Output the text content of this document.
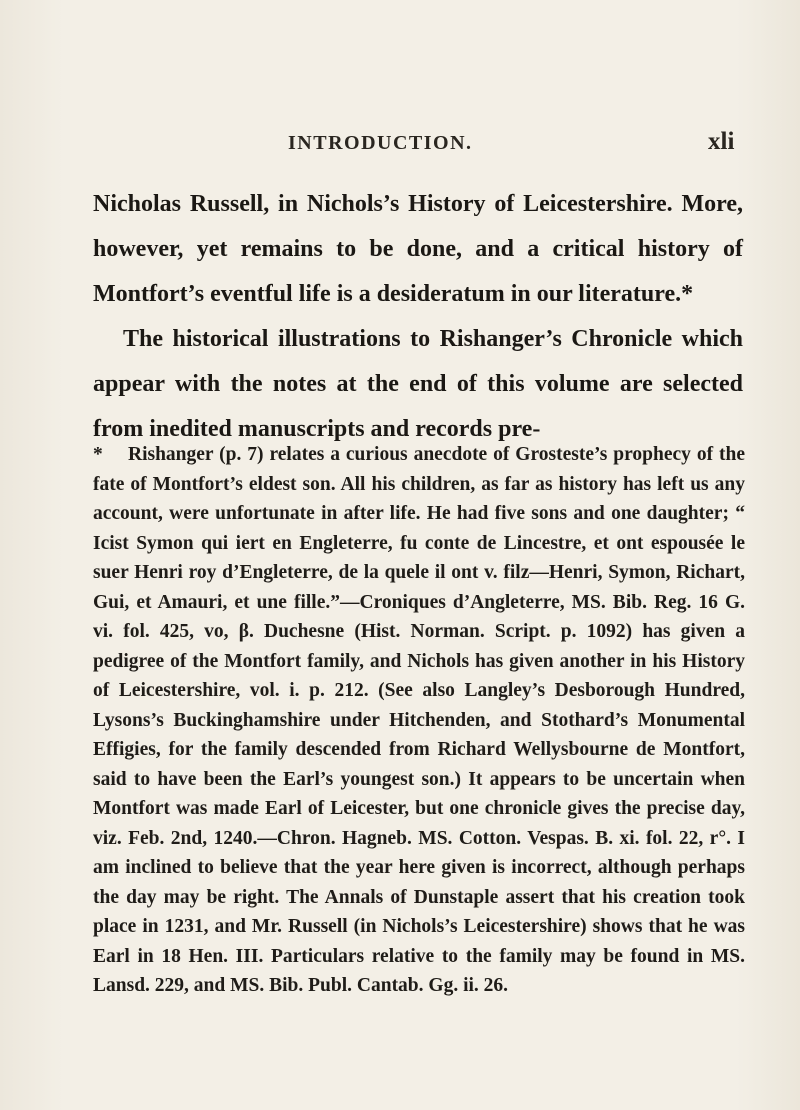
INTRODUCTION.	xli

Nicholas Russell, in Nichols’s History of Leicestershire. More, however, yet remains to be done, and a critical history of Montfort’s eventful life is a desideratum in our literature.*

The historical illustrations to Rishanger’s Chronicle which appear with the notes at the end of this volume are selected from inedited manuscripts and records pre-

* Rishanger (p. 7) relates a curious anecdote of Grosteste’s prophecy of the fate of Montfort’s eldest son. All his children, as far as history has left us any account, were unfortunate in after life. He had five sons and one daughter; “ Icist Symon qui iert en Engleterre, fu conte de Lincestre, et ont espousée le suer Henri roy d’Engleterre, de la quele il ont v. filz—Henri, Symon, Richart, Gui, et Amauri, et une fille.”—Croniques d’Angleterre, MS. Bib. Reg. 16 G. vi. fol. 425, vo, β. Duchesne (Hist. Norman. Script. p. 1092) has given a pedigree of the Montfort family, and Nichols has given another in his History of Leicestershire, vol. i. p. 212. (See also Langley’s Desborough Hundred, Lysons’s Buckinghamshire under Hitchenden, and Stothard’s Monumental Effigies, for the family descended from Richard Wellysbourne de Montfort, said to have been the Earl’s youngest son.) It appears to be uncertain when Montfort was made Earl of Leicester, but one chronicle gives the precise day, viz. Feb. 2nd, 1240.—Chron. Hagneb. MS. Cotton. Vespas. B. xi. fol. 22, r°. I am inclined to believe that the year here given is incorrect, although perhaps the day may be right. The Annals of Dunstaple assert that his creation took place in 1231, and Mr. Russell (in Nichols’s Leicestershire) shows that he was Earl in 18 Hen. III. Particulars relative to the family may be found in MS. Lansd. 229, and MS. Bib. Publ. Cantab. Gg. ii. 26.
